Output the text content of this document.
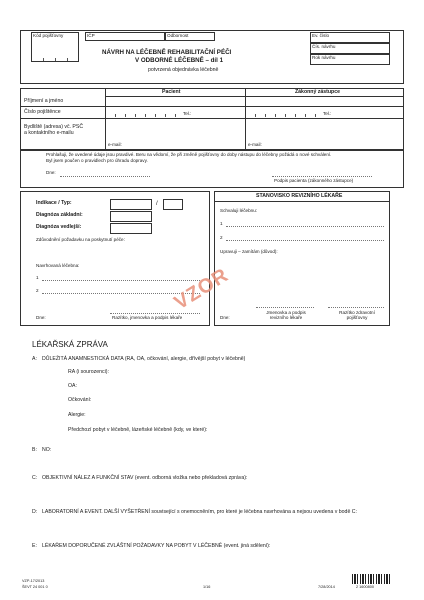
Kód pojišťovny	IČP	Odbornost
NÁVRH NA LÉČEBNĚ REHABILITAČNÍ PÉČI
V ODBORNÉ LÉČEBNĚ – díl 1
potvrzená objednávka léčebně
Ev. číslo
Čís. návrhu
Rok návrhu
Pacient	Zákonný zástupce
Příjmení a jméno
Číslo pojištěnce
Bydliště (adresa) vč. PSČ
a kontaktního e-mailu
Tel.:	Tel.:
e-mail:	e-mail:
Prohlašuji, že uvedené údaje jsou pravdivé. Beru na vědomí, že při změně pojišťovny do doby nástupu do léčebny požádá o nové schválení.
Byl jsem poučen o pravidlech pro úhradu dopravy.
Dne:
Podpis pacienta (zákonného zástupce)
Indikace / Typ:	/
Diagnóza základní:
Diagnóza vedlejší:
Zdůvodnění požadavku na poskytnutí péče:
Navrhovaná léčebna:
1
2
Dne:	Razítko, jmenovka a podpis lékaře
STANOVISKO REVIZNÍHO LÉKAŘE
Schvaluji léčebnu:
1
2
Upravuji – zamítám (důvod):
Dne:
Jmenovka a podpis revizního lékaře
Razítko zdravotní pojišťovny
VZOR
LÉKAŘSKÁ ZPRÁVA
A: DŮLEŽITÁ ANAMNESTICKÁ DATA (RA, OA, očkování, alergie, dřívější pobyt v léčebně)
RA (i sourozenci):
OA:
Očkování:
Alergie:
Předchozí pobyt v léčebně, lázeňské léčebně (kdy, ve které):
B: NO:
C: OBJEKTIVNÍ NÁLEZ A FUNKČNÍ STAV (event. odborná vložka nebo překladová zpráva):
D: LABORATORNÍ A EVENT. DALŠÍ VYŠETŘENÍ související s onemocněním, pro které je léčebna navrhována a nejsou uvedena v bodě C:
E: LÉKAŘEM DOPORUČENÉ ZVLÁŠTNÍ POŽADAVKY NA POBYT V LÉČEBNĚ (event. jiná sdělení):
VZP-17/2013
ŠEVT 24 001 0	1/16	7/28/2014	2 1600800
